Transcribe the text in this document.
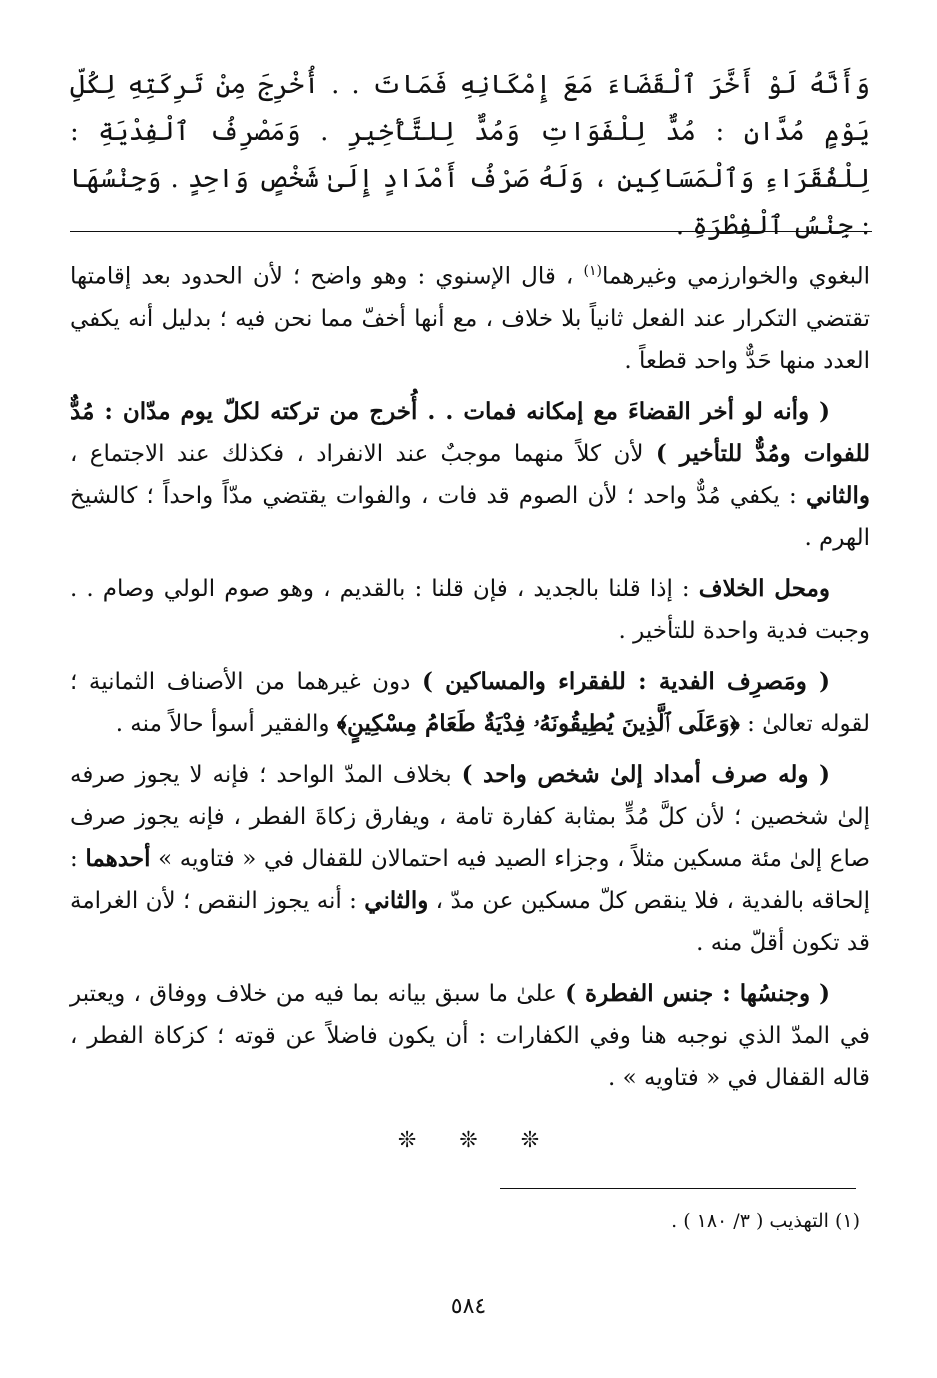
وَأَنَّهُ لَوْ أَخَّرَ ٱلْقَضَاءَ مَعَ إِمْكَانِهِ فَمَاتَ . . أُخْرِجَ مِنْ تَرِكَتِهِ لِكُلِّ يَوْمٍ مُدَّانِ : مُدٌّ لِلْفَوَاتِ وَمُدٌّ لِلتَّأْخِيرِ . وَمَصْرِفُ ٱلْفِدْيَةِ : لِلْفُقَرَاءِ وَٱلْمَسَاكِينِ ، وَلَهُ صَرْفُ أَمْدَادٍ إِلَىٰ شَخْصٍ وَاحِدٍ . وَجِنْسُهَا : جِنْسُ ٱلْفِطْرَةِ .

البغوي والخوارزمي وغيرهما$^{(١)}$ ، قال الإسنوي : وهو واضح ؛ لأن الحدود بعد إقامتها تقتضي التكرار عند الفعل ثانياً بلا خلاف ، مع أنها أخفّ مما نحن فيه ؛ بدليل أنه يكفي العدد منها حَدٌّ واحد قطعاً .

( وأنه لو أخر القضاءَ مع إمكانه فمات . . أُخرج من تركته لكلّ يوم مدّان : مُدٌّ للفوات ومُدٌّ للتأخير ) لأن كلاً منهما موجبٌ عند الانفراد ، فكذلك عند الاجتماع ، والثاني : يكفي مُدٌّ واحد ؛ لأن الصوم قد فات ، والفوات يقتضي مدّاً واحداً ؛ كالشيخ الهرم .

ومحل الخلاف : إذا قلنا بالجديد ، فإن قلنا : بالقديم ، وهو صوم الولي وصام . . وجبت فدية واحدة للتأخير .

( ومَصرِف الفدية : للفقراء والمساكين ) دون غيرهما من الأصناف الثمانية ؛ لقوله تعالىٰ : ﴿وَعَلَى ٱلَّذِينَ يُطِيقُونَهُۥ فِدْيَةٌ طَعَامُ مِسْكِينٍ﴾ والفقير أسوأ حالاً منه .

( وله صرف أمداد إلىٰ شخص واحد ) بخلاف المدّ الواحد ؛ فإنه لا يجوز صرفه إلىٰ شخصين ؛ لأن كلَّ مُدٍّ بمثابة كفارة تامة ، ويفارق زكاةَ الفطر ، فإنه يجوز صرف صاع إلىٰ مئة مسكين مثلاً ، وجزاء الصيد فيه احتمالان للقفال في « فتاويه » أحدهما : إلحاقه بالفدية ، فلا ينقص كلّ مسكين عن مدّ ، والثاني : أنه يجوز النقص ؛ لأن الغرامة قد تكون أقلّ منه .

( وجنسُها : جنس الفطرة ) علىٰ ما سبق بيانه بما فيه من خلاف ووفاق ، ويعتبر في المدّ الذي نوجبه هنا وفي الكفارات : أن يكون فاضلاً عن قوته ؛ كزكاة الفطر ، قاله القفال في « فتاويه » .

❊ ❊ ❊
(١) التهذيب ( ٣/ ١٨٠ ) .
٥٨٤
